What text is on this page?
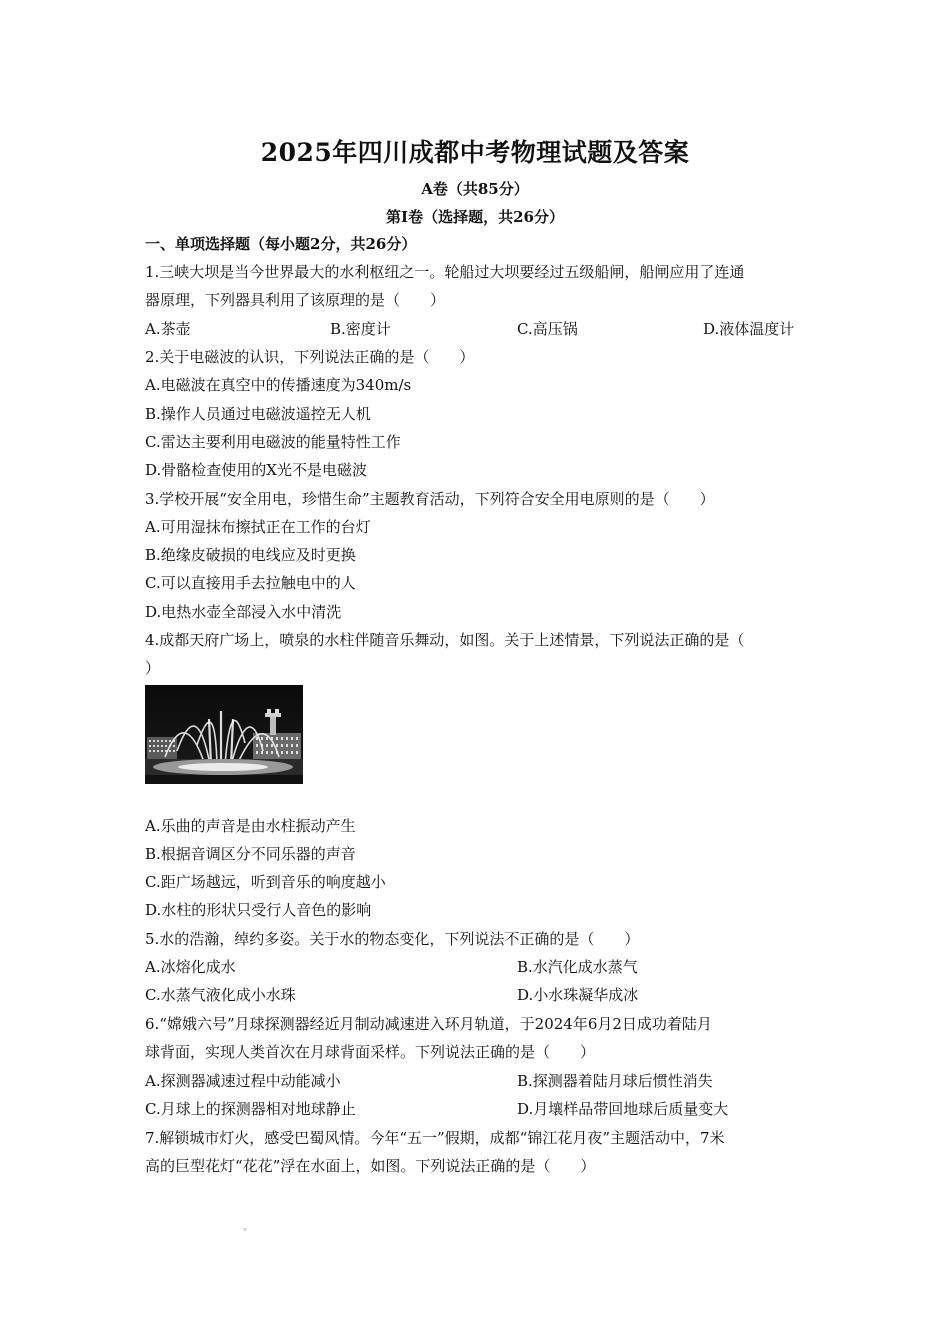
2025年四川成都中考物理试题及答案
A卷（共85分）
第Ⅰ卷（选择题，共26分）
一、单项选择题（每小题2分，共26分）
1.三峡大坝是当今世界最大的水利枢纽之一。轮船过大坝要经过五级船闸，船闸应用了连通
器原理，下列器具利用了该原理的是（　　）
A.茶壶	B.密度计	C.高压锅	D.液体温度计
2.关于电磁波的认识，下列说法正确的是（　　）
A.电磁波在真空中的传播速度为340m/s
B.操作人员通过电磁波遥控无人机
C.雷达主要利用电磁波的能量特性工作
D.骨骼检查使用的X光不是电磁波
3.学校开展“安全用电，珍惜生命”主题教育活动，下列符合安全用电原则的是（　　）
A.可用湿抹布擦拭正在工作的台灯
B.绝缘皮破损的电线应及时更换
C.可以直接用手去拉触电中的人
D.电热水壶全部浸入水中清洗
4.成都天府广场上，喷泉的水柱伴随音乐舞动，如图。关于上述情景，下列说法正确的是（
）
A.乐曲的声音是由水柱振动产生
B.根据音调区分不同乐器的声音
C.距广场越远，听到音乐的响度越小
D.水柱的形状只受行人音色的影响
5.水的浩瀚，绰约多姿。关于水的物态变化，下列说法不正确的是（　　）
A.冰熔化成水	B.水汽化成水蒸气
C.水蒸气液化成小水珠	D.小水珠凝华成冰
6.“嫦娥六号”月球探测器经近月制动减速进入环月轨道，于2024年6月2日成功着陆月
球背面，实现人类首次在月球背面采样。下列说法正确的是（　　）
A.探测器减速过程中动能减小	B.探测器着陆月球后惯性消失
C.月球上的探测器相对地球静止	D.月壤样品带回地球后质量变大
7.解锁城市灯火，感受巴蜀风情。今年“五一”假期，成都“锦江花月夜”主题活动中，7米
高的巨型花灯“花花”浮在水面上，如图。下列说法正确的是（　　）
。
